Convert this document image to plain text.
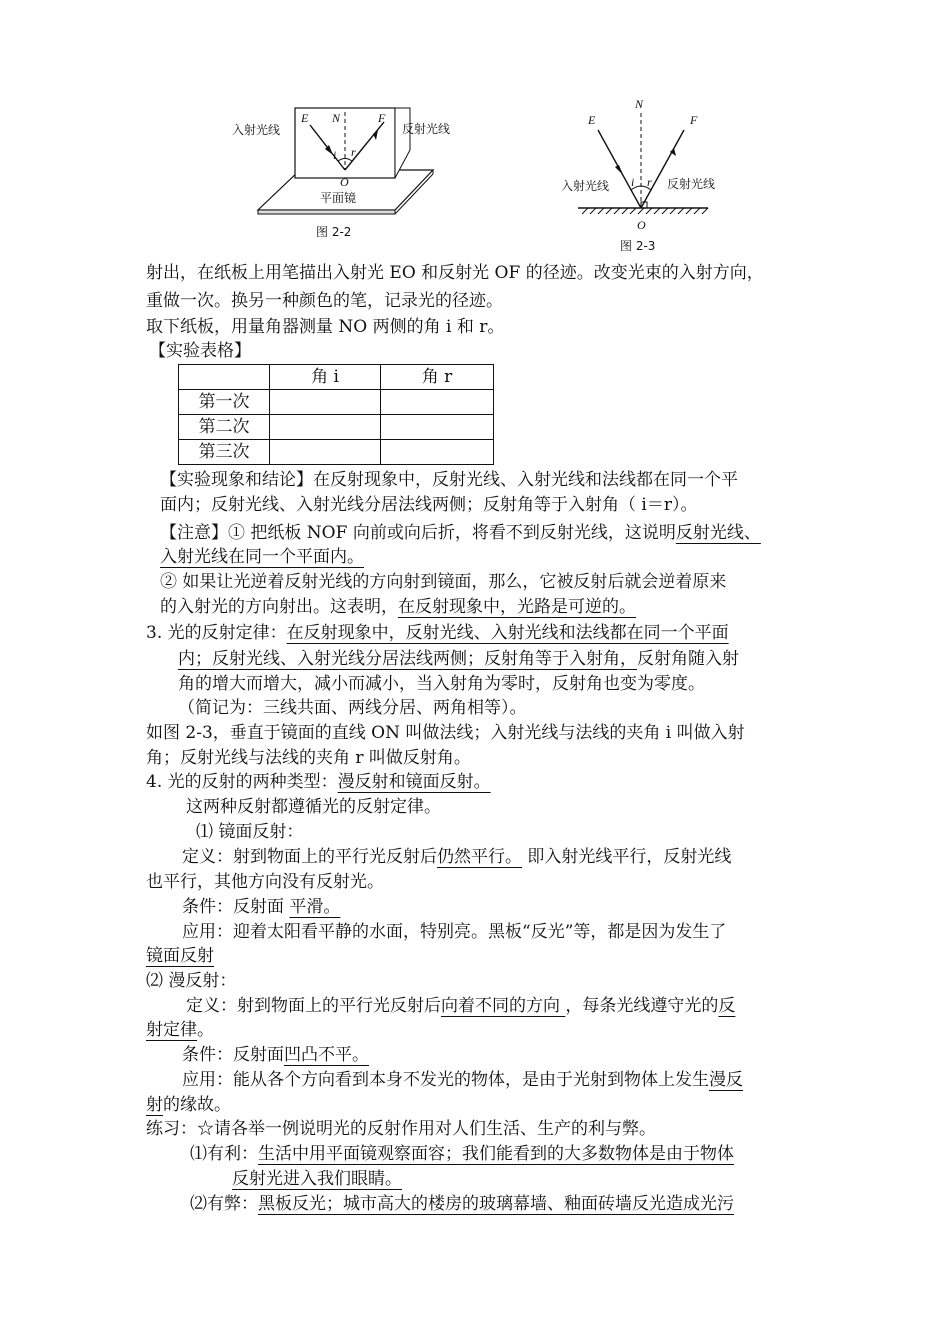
入射光线	反射光线
E N	F
i r
O
平面镜
图 2-2
N
E	F
i r
入射光线	反射光线
O
图 2-3
射出，在纸板上用笔描出入射光 EO 和反射光 OF 的径迹。改变光束的入射方向，
重做一次。换另一种颜色的笔，记录光的径迹。
取下纸板，用量角器测量 NO 两侧的角 i 和 r。
【实验表格】
	角 i	角 r
第一次		
第二次		
第三次		
【实验现象和结论】在反射现象中，反射光线、入射光线和法线都在同一个平
面内；反射光线、入射光线分居法线两侧；反射角等于入射角（ i＝r）。
【注意】① 把纸板 NOF 向前或向后折，将看不到反射光线，这说明反射光线、
入射光线在同一个平面内。
② 如果让光逆着反射光线的方向射到镜面，那么，它被反射后就会逆着原来
的入射光的方向射出。这表明，在反射现象中，光路是可逆的。
3. 光的反射定律：在反射现象中，反射光线、入射光线和法线都在同一个平面
内；反射光线、入射光线分居法线两侧；反射角等于入射角，反射角随入射
角的增大而增大，减小而减小，当入射角为零时，反射角也变为零度。
（简记为：三线共面、两线分居、两角相等）。
如图 2-3，垂直于镜面的直线 ON 叫做法线；入射光线与法线的夹角 i 叫做入射
角；反射光线与法线的夹角 r 叫做反射角。
4. 光的反射的两种类型：漫反射和镜面反射。
这两种反射都遵循光的反射定律。
⑴ 镜面反射：
定义：射到物面上的平行光反射后仍然平行。 即入射光线平行，反射光线
也平行，其他方向没有反射光。
条件：反射面 平滑。
应用：迎着太阳看平静的水面，特别亮。黑板“反光”等，都是因为发生了
镜面反射
⑵ 漫反射：
定义：射到物面上的平行光反射后向着不同的方向 ，每条光线遵守光的反
射定律。
条件：反射面凹凸不平。
应用：能从各个方向看到本身不发光的物体，是由于光射到物体上发生漫反
射的缘故。
练习：☆请各举一例说明光的反射作用对人们生活、生产的利与弊。
⑴有利：生活中用平面镜观察面容；我们能看到的大多数物体是由于物体
反射光进入我们眼睛。
⑵有弊：黑板反光；城市高大的楼房的玻璃幕墙、釉面砖墙反光造成光污
